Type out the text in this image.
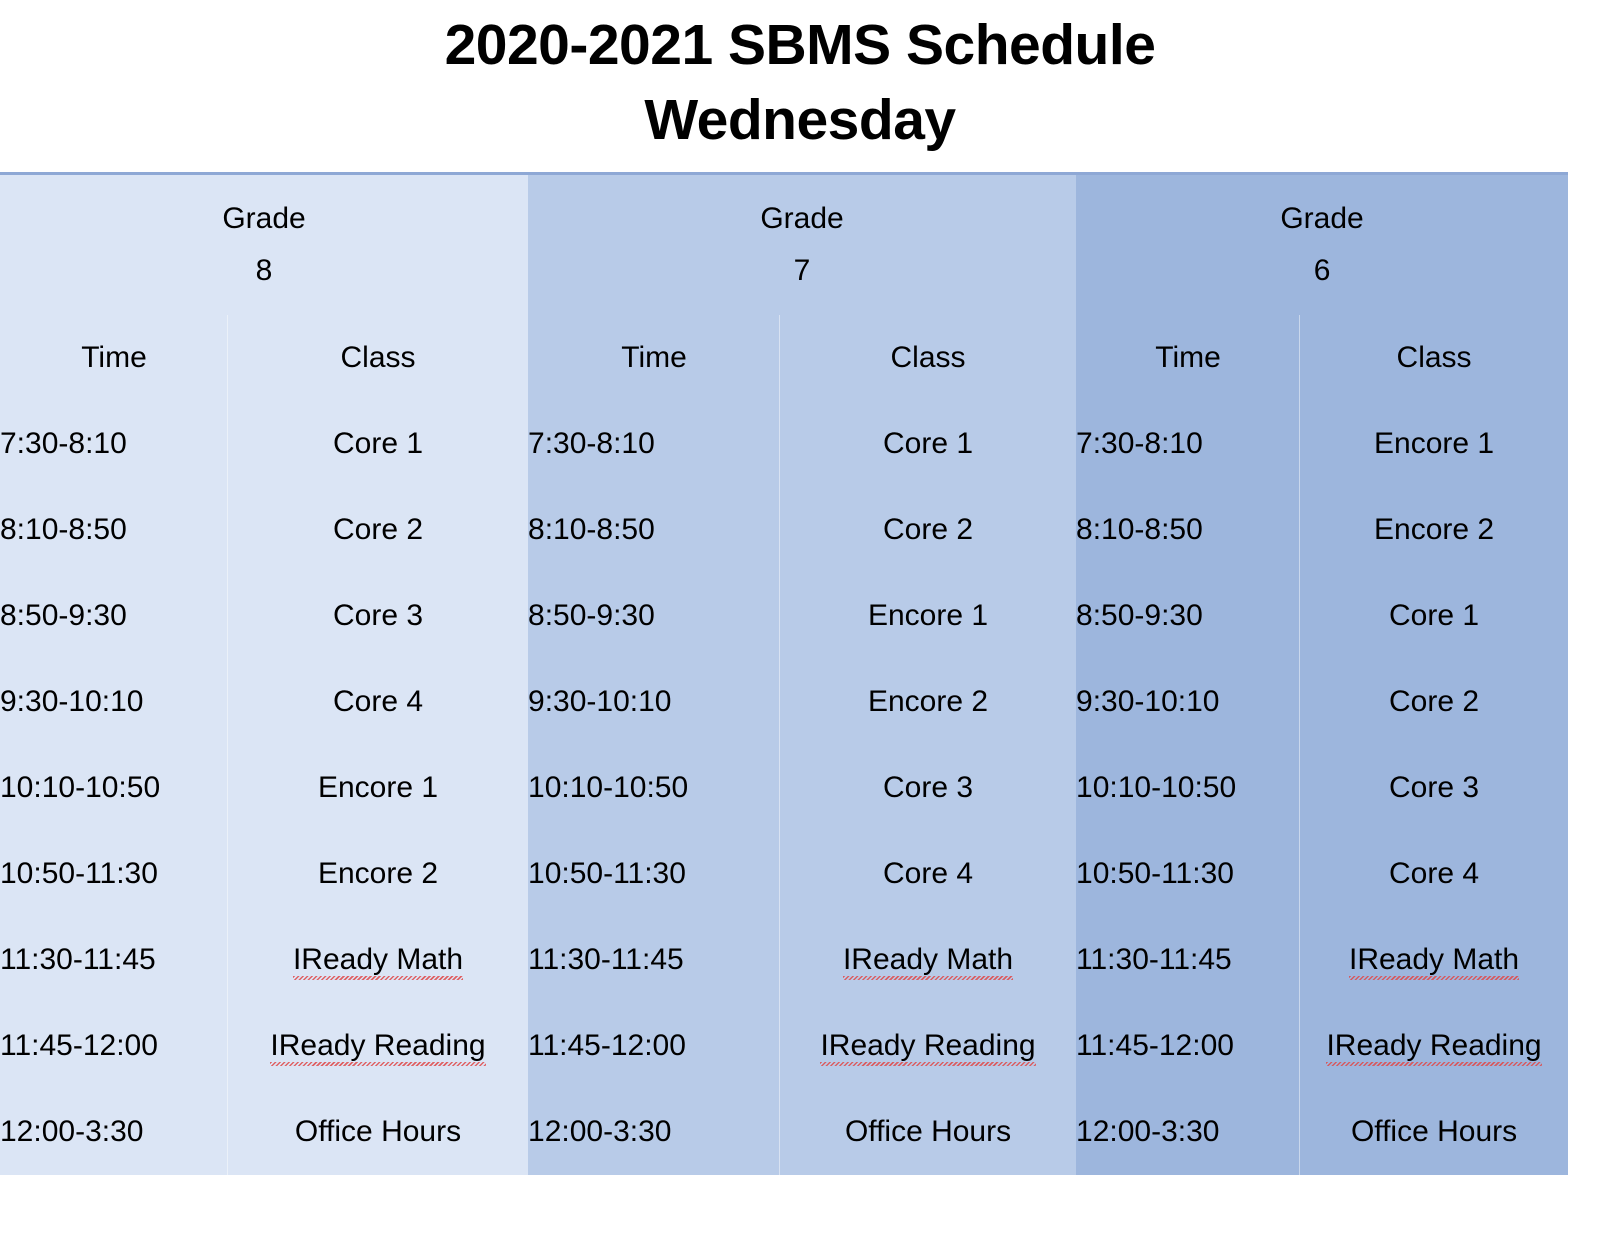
2020-2021 SBMS Schedule
Wednesday
Grade
8		Grade
7		Grade
6	

Time	Class	Time	Class	Time	Class
7:30-8:10	Core 1	7:30-8:10	Core 1	7:30-8:10	Encore 1
8:10-8:50	Core 2	8:10-8:50	Core 2	8:10-8:50	Encore 2
8:50-9:30	Core 3	8:50-9:30	Encore 1	8:50-9:30	Core 1
9:30-10:10	Core 4	9:30-10:10	Encore 2	9:30-10:10	Core 2
10:10-10:50	Encore 1	10:10-10:50	Core 3	10:10-10:50	Core 3
10:50-11:30	Encore 2	10:50-11:30	Core 4	10:50-11:30	Core 4
11:30-11:45	IReady Math	11:30-11:45	IReady Math	11:30-11:45	IReady Math
11:45-12:00	IReady Reading	11:45-12:00	IReady Reading	11:45-12:00	IReady Reading
12:00-3:30	Office Hours	12:00-3:30	Office Hours	12:00-3:30	Office Hours
